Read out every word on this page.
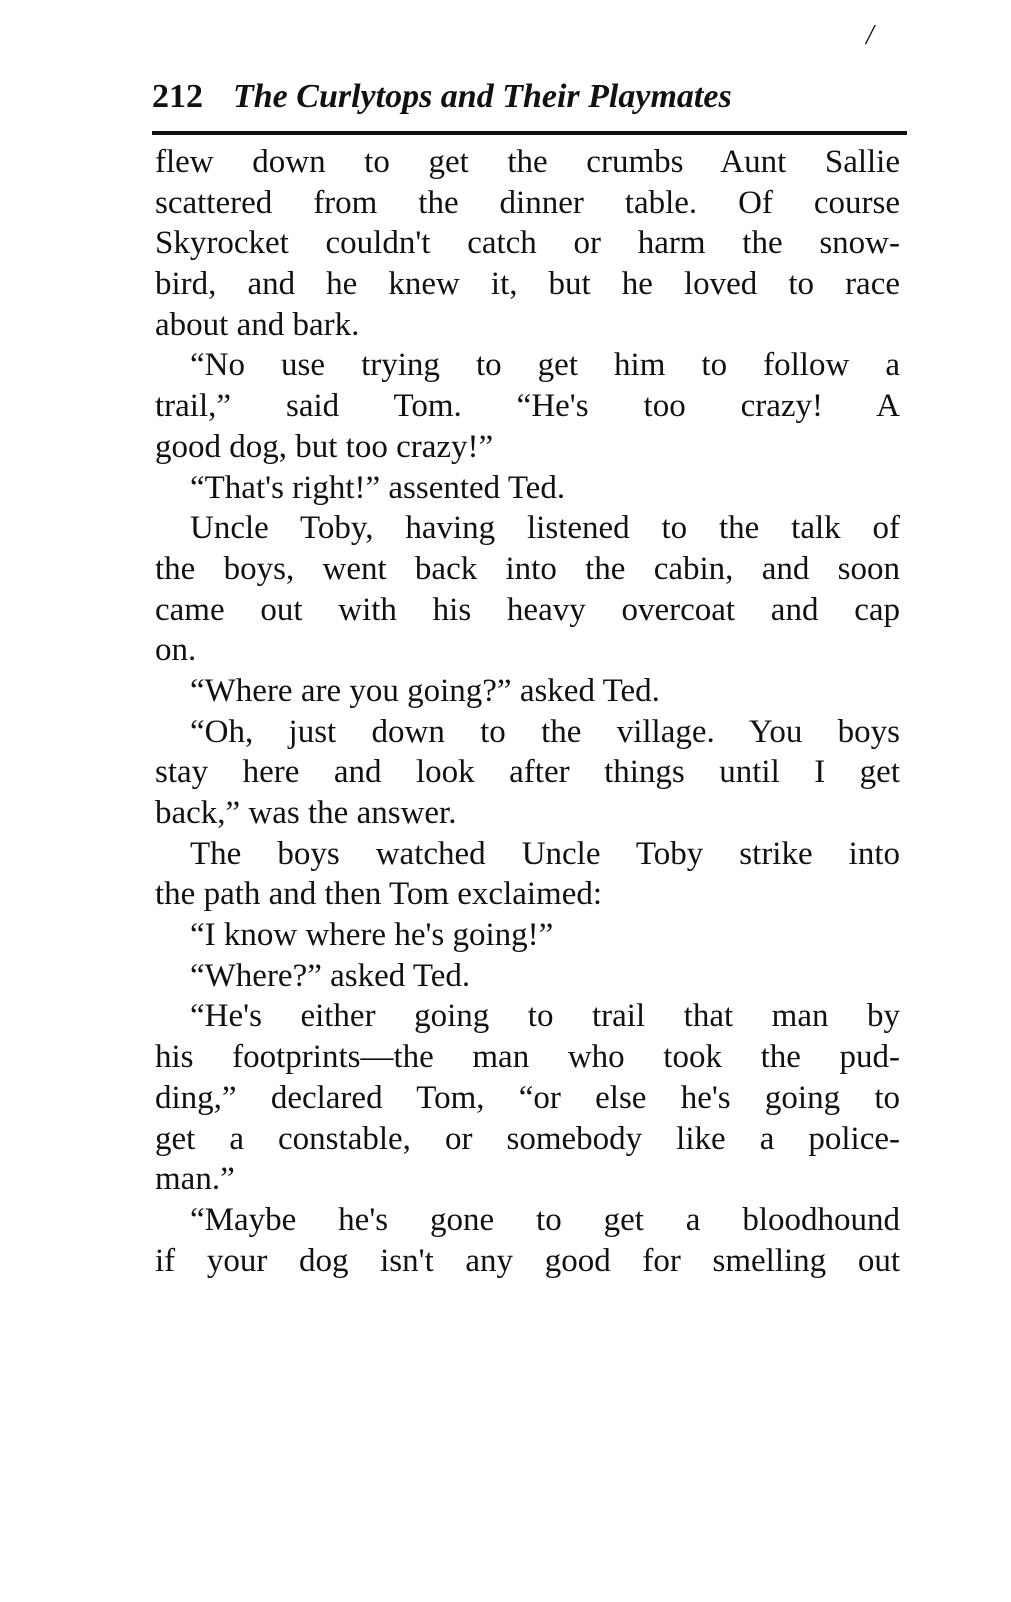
/
212 The Curlytops and Their Playmates
flew down to get the crumbs Aunt Sallie
scattered from the dinner table. Of course
Skyrocket couldn't catch or harm the snow-
bird, and he knew it, but he loved to race
about and bark.
“No use trying to get him to follow a
trail,” said Tom. “He's too crazy! A
good dog, but too crazy!”
“That's right!” assented Ted.
Uncle Toby, having listened to the talk of
the boys, went back into the cabin, and soon
came out with his heavy overcoat and cap
on.
“Where are you going?” asked Ted.
“Oh, just down to the village. You boys
stay here and look after things until I get
back,” was the answer.
The boys watched Uncle Toby strike into
the path and then Tom exclaimed:
“I know where he's going!”
“Where?” asked Ted.
“He's either going to trail that man by
his footprints—the man who took the pud-
ding,” declared Tom, “or else he's going to
get a constable, or somebody like a police-
man.”
“Maybe he's gone to get a bloodhound
if your dog isn't any good for smelling out
